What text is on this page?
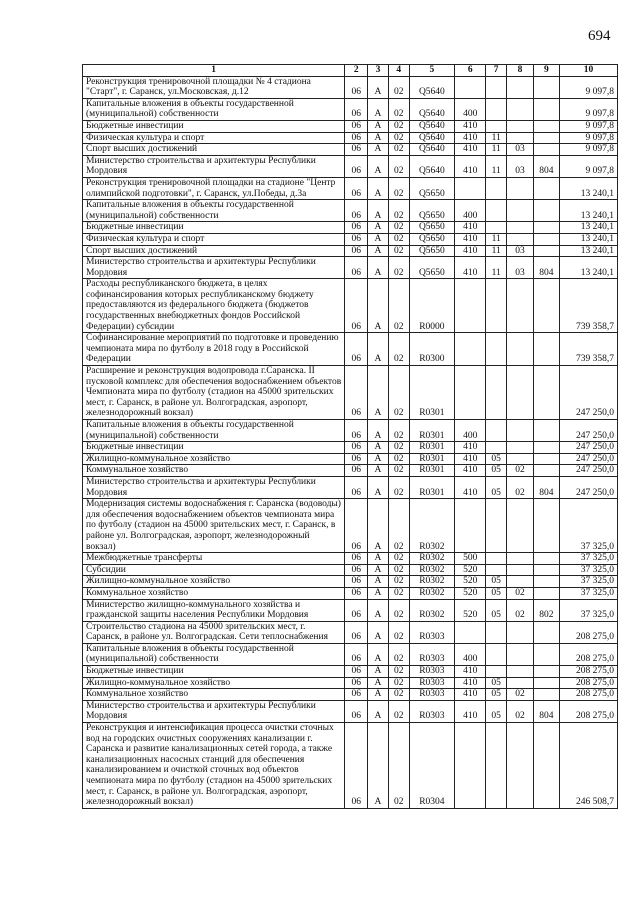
694
1	2	3	4	5	6	7	8	9	10
Реконструкция тренировочной площадки № 4 стадиона "Старт", г. Саранск, ул.Московская, д.12	06	А	02	Q5640					9 097,8
Капитальные вложения в объекты государственной (муниципальной) собственности	06	А	02	Q5640	400				9 097,8
Бюджетные инвестиции	06	А	02	Q5640	410				9 097,8
Физическая культура и спорт	06	А	02	Q5640	410	11			9 097,8
Спорт высших достижений	06	А	02	Q5640	410	11	03		9 097,8
Министерство строительства и архитектуры Республики Мордовия	06	А	02	Q5640	410	11	03	804	9 097,8
Реконструкция тренировочной площадки на стадионе "Центр олимпийской подготовки", г. Саранск, ул.Победы, д.3а	06	А	02	Q5650					13 240,1
Капитальные вложения в объекты государственной (муниципальной) собственности	06	А	02	Q5650	400				13 240,1
Бюджетные инвестиции	06	А	02	Q5650	410				13 240,1
Физическая культура и спорт	06	А	02	Q5650	410	11			13 240,1
Спорт высших достижений	06	А	02	Q5650	410	11	03		13 240,1
Министерство строительства и архитектуры Республики Мордовия	06	А	02	Q5650	410	11	03	804	13 240,1
Расходы республиканского бюджета, в целях софинансирования которых республиканскому бюджету предоставляются из федерального бюджета (бюджетов государственных внебюджетных фондов Российской Федерации) субсидии	06	А	02	R0000					739 358,7
Софинансирование мероприятий по подготовке и проведению чемпионата мира по футболу в 2018 году в Российской Федерации	06	А	02	R0300					739 358,7
Расширение и реконструкция водопровода г.Саранска. II пусковой комплекс для обеспечения водоснабжением объектов Чемпионата мира по футболу (стадион на 45000 зрительских мест, г. Саранск, в районе ул. Волгоградская, аэропорт, железнодорожный вокзал)	06	А	02	R0301					247 250,0
Капитальные вложения в объекты государственной (муниципальной) собственности	06	А	02	R0301	400				247 250,0
Бюджетные инвестиции	06	А	02	R0301	410				247 250,0
Жилищно-коммунальное хозяйство	06	А	02	R0301	410	05			247 250,0
Коммунальное хозяйство	06	А	02	R0301	410	05	02		247 250,0
Министерство строительства и архитектуры Республики Мордовия	06	А	02	R0301	410	05	02	804	247 250,0
Модернизация системы водоснабжения г. Саранска (водоводы) для обеспечения водоснабжением объектов чемпионата мира по футболу (стадион на 45000 зрительских мест, г. Саранск, в районе ул. Волгоградская, аэропорт, железнодорожный вокзал)	06	А	02	R0302					37 325,0
Межбюджетные трансферты	06	А	02	R0302	500				37 325,0
Субсидии	06	А	02	R0302	520				37 325,0
Жилищно-коммунальное хозяйство	06	А	02	R0302	520	05			37 325,0
Коммунальное хозяйство	06	А	02	R0302	520	05	02		37 325,0
Министерство жилищно-коммунального хозяйства и гражданской защиты населения Республики Мордовия	06	А	02	R0302	520	05	02	802	37 325,0
Строительство стадиона на 45000 зрительских мест, г. Саранск, в районе ул. Волгоградская. Сети теплоснабжения	06	А	02	R0303					208 275,0
Капитальные вложения в объекты государственной (муниципальной) собственности	06	А	02	R0303	400				208 275,0
Бюджетные инвестиции	06	А	02	R0303	410				208 275,0
Жилищно-коммунальное хозяйство	06	А	02	R0303	410	05			208 275,0
Коммунальное хозяйство	06	А	02	R0303	410	05	02		208 275,0
Министерство строительства и архитектуры Республики Мордовия	06	А	02	R0303	410	05	02	804	208 275,0
Реконструкция и интенсификация процесса очистки сточных вод на городских очистных сооружениях канализации г. Саранска и развитие канализационных сетей города, а также канализационных насосных станций для обеспечения канализированием и очисткой сточных вод объектов чемпионата мира по футболу (стадион на 45000 зрительских мест, г. Саранск, в районе ул. Волгоградская, аэропорт, железнодорожный вокзал)	06	А	02	R0304					246 508,7
